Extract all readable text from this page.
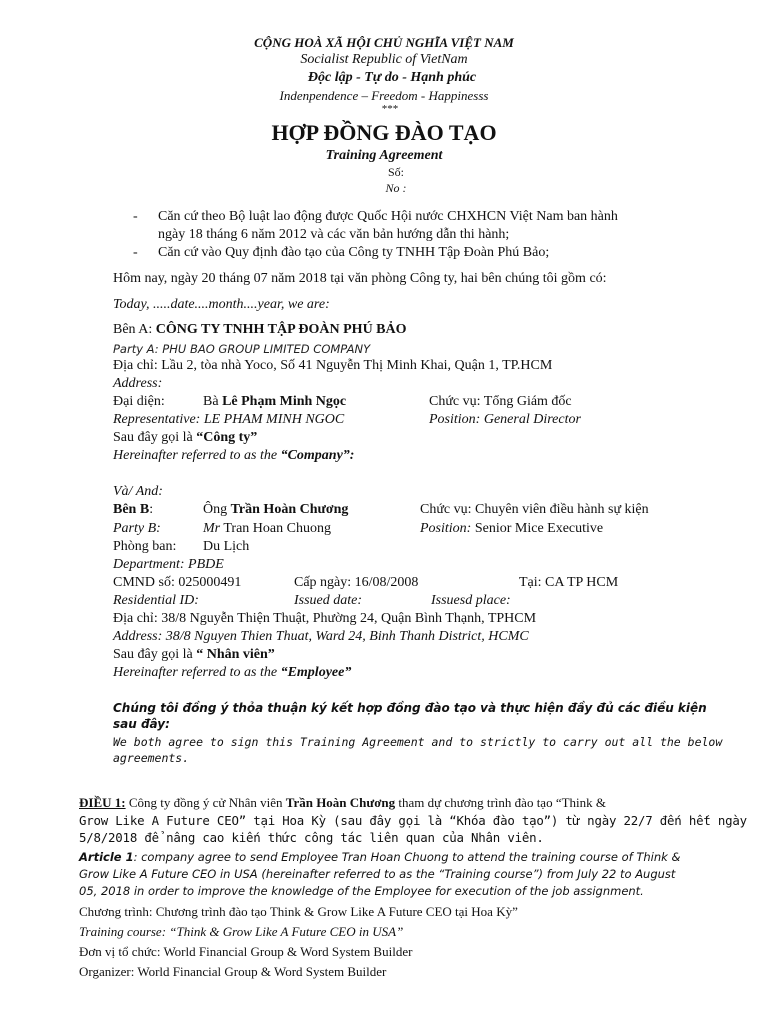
CỘNG HOÀ XÃ HỘI CHỦ NGHĨA VIỆT NAM
Socialist Republic of VietNam
Độc lập - Tự do - Hạnh phúc
Indenpendence – Freedom - Happinesss
***
HỢP ĐỒNG ĐÀO TẠO
Training Agreement
Số:
No :
- Căn cứ theo Bộ luật lao động được Quốc Hội nước CHXHCN Việt Nam ban hành
ngày 18 tháng 6 năm 2012 và các văn bản hướng dẫn thi hành;
- Căn cứ vào Quy định đào tạo của Công ty TNHH Tập Đoàn Phú Bảo;
Hôm nay, ngày 20 tháng 07 năm 2018 tại văn phòng Công ty, hai bên chúng tôi gồm có:
Today, .....date....month....year, we are:
Bên A: CÔNG TY TNHH TẬP ĐOÀN PHÚ BẢO
Party A: PHU BAO GROUP LIMITED COMPANY
Địa chỉ: Lầu 2, tòa nhà Yoco, Số 41 Nguyễn Thị Minh Khai, Quận 1, TP.HCM
Address:
Đại diện:	Bà Lê Phạm Minh Ngọc	Chức vụ: Tổng Giám đốc
Representative: LE PHAM MINH NGOC	Position: General Director
Sau đây gọi là “Công ty”
Hereinafter referred to as the “Company”:
Và/ And:
Bên B:	Ông Trần Hoàn Chương	Chức vụ: Chuyên viên điều hành sự kiện
Party B:	Mr Tran Hoan Chuong	Position: Senior Mice Executive
Phòng ban: Du Lịch
Department: PBDE
CMND số: 025000491	Cấp ngày: 16/08/2008	Tại: CA TP HCM
Residential ID:	Issued date:	Issuesd place:
Địa chỉ: 38/8 Nguyễn Thiện Thuật, Phường 24, Quận Bình Thạnh, TPHCM
Address: 38/8 Nguyen Thien Thuat, Ward 24, Binh Thanh District, HCMC
Sau đây gọi là “ Nhân viên”
Hereinafter referred to as the “Employee”
Chúng tôi đồng ý thỏa thuận ký kết hợp đồng đào tạo và thực hiện đầy đủ các điều kiện
sau đây:
We both agree to sign this Training Agreement and to strictly to carry out all the below
agreements.
ĐIỀU 1: Công ty đồng ý cử Nhân viên Trần Hoàn Chương tham dự chương trình đào tạo “Think &
Grow Like A Future CEO” tại Hoa Kỳ (sau đây gọi là “Khóa đào tạo”) từ ngày 22/7 đến hết ngày
5/8/2018 để nâng cao kiến thức công tác liên quan của Nhân viên.
Article 1: company agree to send Employee Tran Hoan Chuong to attend the training course of Think &
Grow Like A Future CEO in USA (hereinafter referred to as the “Training course”) from July 22 to August
05, 2018 in order to improve the knowledge of the Employee for execution of the job assignment.
Chương trình: Chương trình đào tạo Think & Grow Like A Future CEO tại Hoa Kỳ”
Training course: “Think & Grow Like A Future CEO in USA”
Đơn vị tổ chức: World Financial Group & Word System Builder
Organizer: World Financial Group & Word System Builder
